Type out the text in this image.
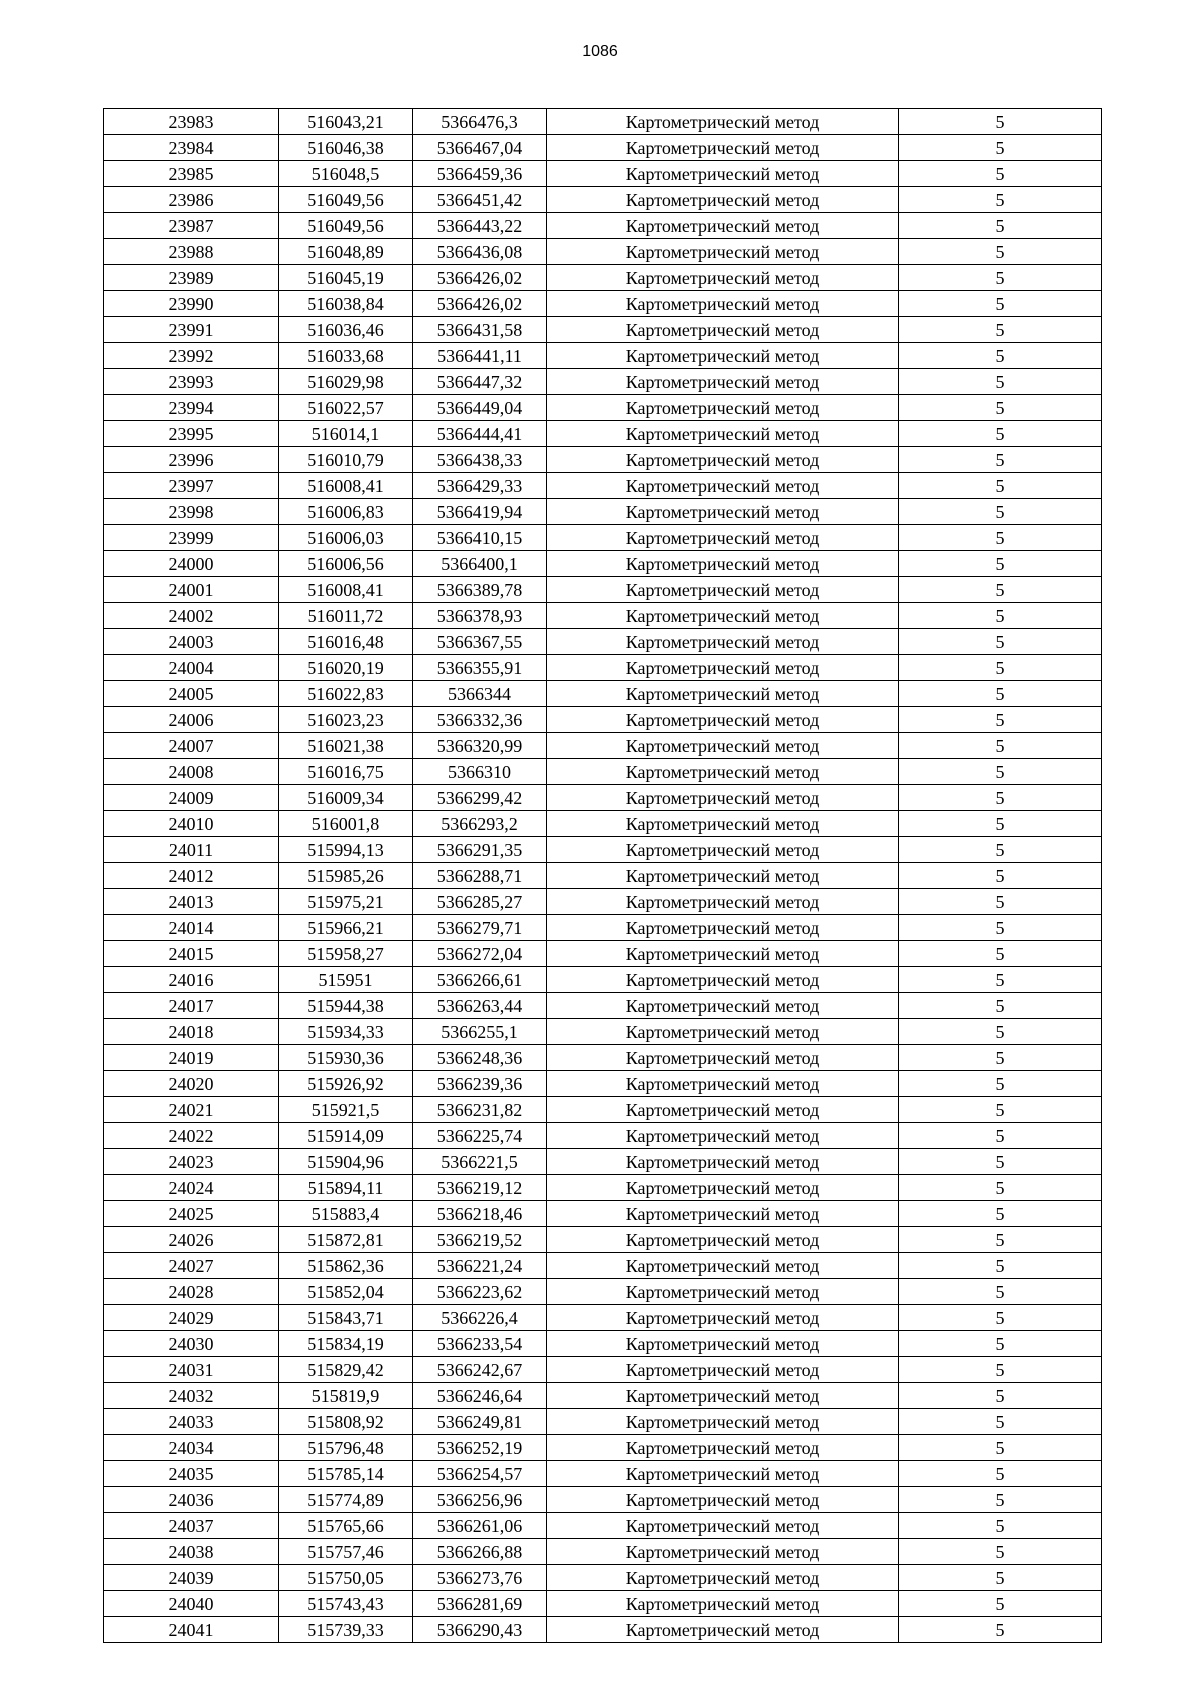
1086
23983	516043,21	5366476,3	Картометрический метод	5
23984	516046,38	5366467,04	Картометрический метод	5
23985	516048,5	5366459,36	Картометрический метод	5
23986	516049,56	5366451,42	Картометрический метод	5
23987	516049,56	5366443,22	Картометрический метод	5
23988	516048,89	5366436,08	Картометрический метод	5
23989	516045,19	5366426,02	Картометрический метод	5
23990	516038,84	5366426,02	Картометрический метод	5
23991	516036,46	5366431,58	Картометрический метод	5
23992	516033,68	5366441,11	Картометрический метод	5
23993	516029,98	5366447,32	Картометрический метод	5
23994	516022,57	5366449,04	Картометрический метод	5
23995	516014,1	5366444,41	Картометрический метод	5
23996	516010,79	5366438,33	Картометрический метод	5
23997	516008,41	5366429,33	Картометрический метод	5
23998	516006,83	5366419,94	Картометрический метод	5
23999	516006,03	5366410,15	Картометрический метод	5
24000	516006,56	5366400,1	Картометрический метод	5
24001	516008,41	5366389,78	Картометрический метод	5
24002	516011,72	5366378,93	Картометрический метод	5
24003	516016,48	5366367,55	Картометрический метод	5
24004	516020,19	5366355,91	Картометрический метод	5
24005	516022,83	5366344	Картометрический метод	5
24006	516023,23	5366332,36	Картометрический метод	5
24007	516021,38	5366320,99	Картометрический метод	5
24008	516016,75	5366310	Картометрический метод	5
24009	516009,34	5366299,42	Картометрический метод	5
24010	516001,8	5366293,2	Картометрический метод	5
24011	515994,13	5366291,35	Картометрический метод	5
24012	515985,26	5366288,71	Картометрический метод	5
24013	515975,21	5366285,27	Картометрический метод	5
24014	515966,21	5366279,71	Картометрический метод	5
24015	515958,27	5366272,04	Картометрический метод	5
24016	515951	5366266,61	Картометрический метод	5
24017	515944,38	5366263,44	Картометрический метод	5
24018	515934,33	5366255,1	Картометрический метод	5
24019	515930,36	5366248,36	Картометрический метод	5
24020	515926,92	5366239,36	Картометрический метод	5
24021	515921,5	5366231,82	Картометрический метод	5
24022	515914,09	5366225,74	Картометрический метод	5
24023	515904,96	5366221,5	Картометрический метод	5
24024	515894,11	5366219,12	Картометрический метод	5
24025	515883,4	5366218,46	Картометрический метод	5
24026	515872,81	5366219,52	Картометрический метод	5
24027	515862,36	5366221,24	Картометрический метод	5
24028	515852,04	5366223,62	Картометрический метод	5
24029	515843,71	5366226,4	Картометрический метод	5
24030	515834,19	5366233,54	Картометрический метод	5
24031	515829,42	5366242,67	Картометрический метод	5
24032	515819,9	5366246,64	Картометрический метод	5
24033	515808,92	5366249,81	Картометрический метод	5
24034	515796,48	5366252,19	Картометрический метод	5
24035	515785,14	5366254,57	Картометрический метод	5
24036	515774,89	5366256,96	Картометрический метод	5
24037	515765,66	5366261,06	Картометрический метод	5
24038	515757,46	5366266,88	Картометрический метод	5
24039	515750,05	5366273,76	Картометрический метод	5
24040	515743,43	5366281,69	Картометрический метод	5
24041	515739,33	5366290,43	Картометрический метод	5
